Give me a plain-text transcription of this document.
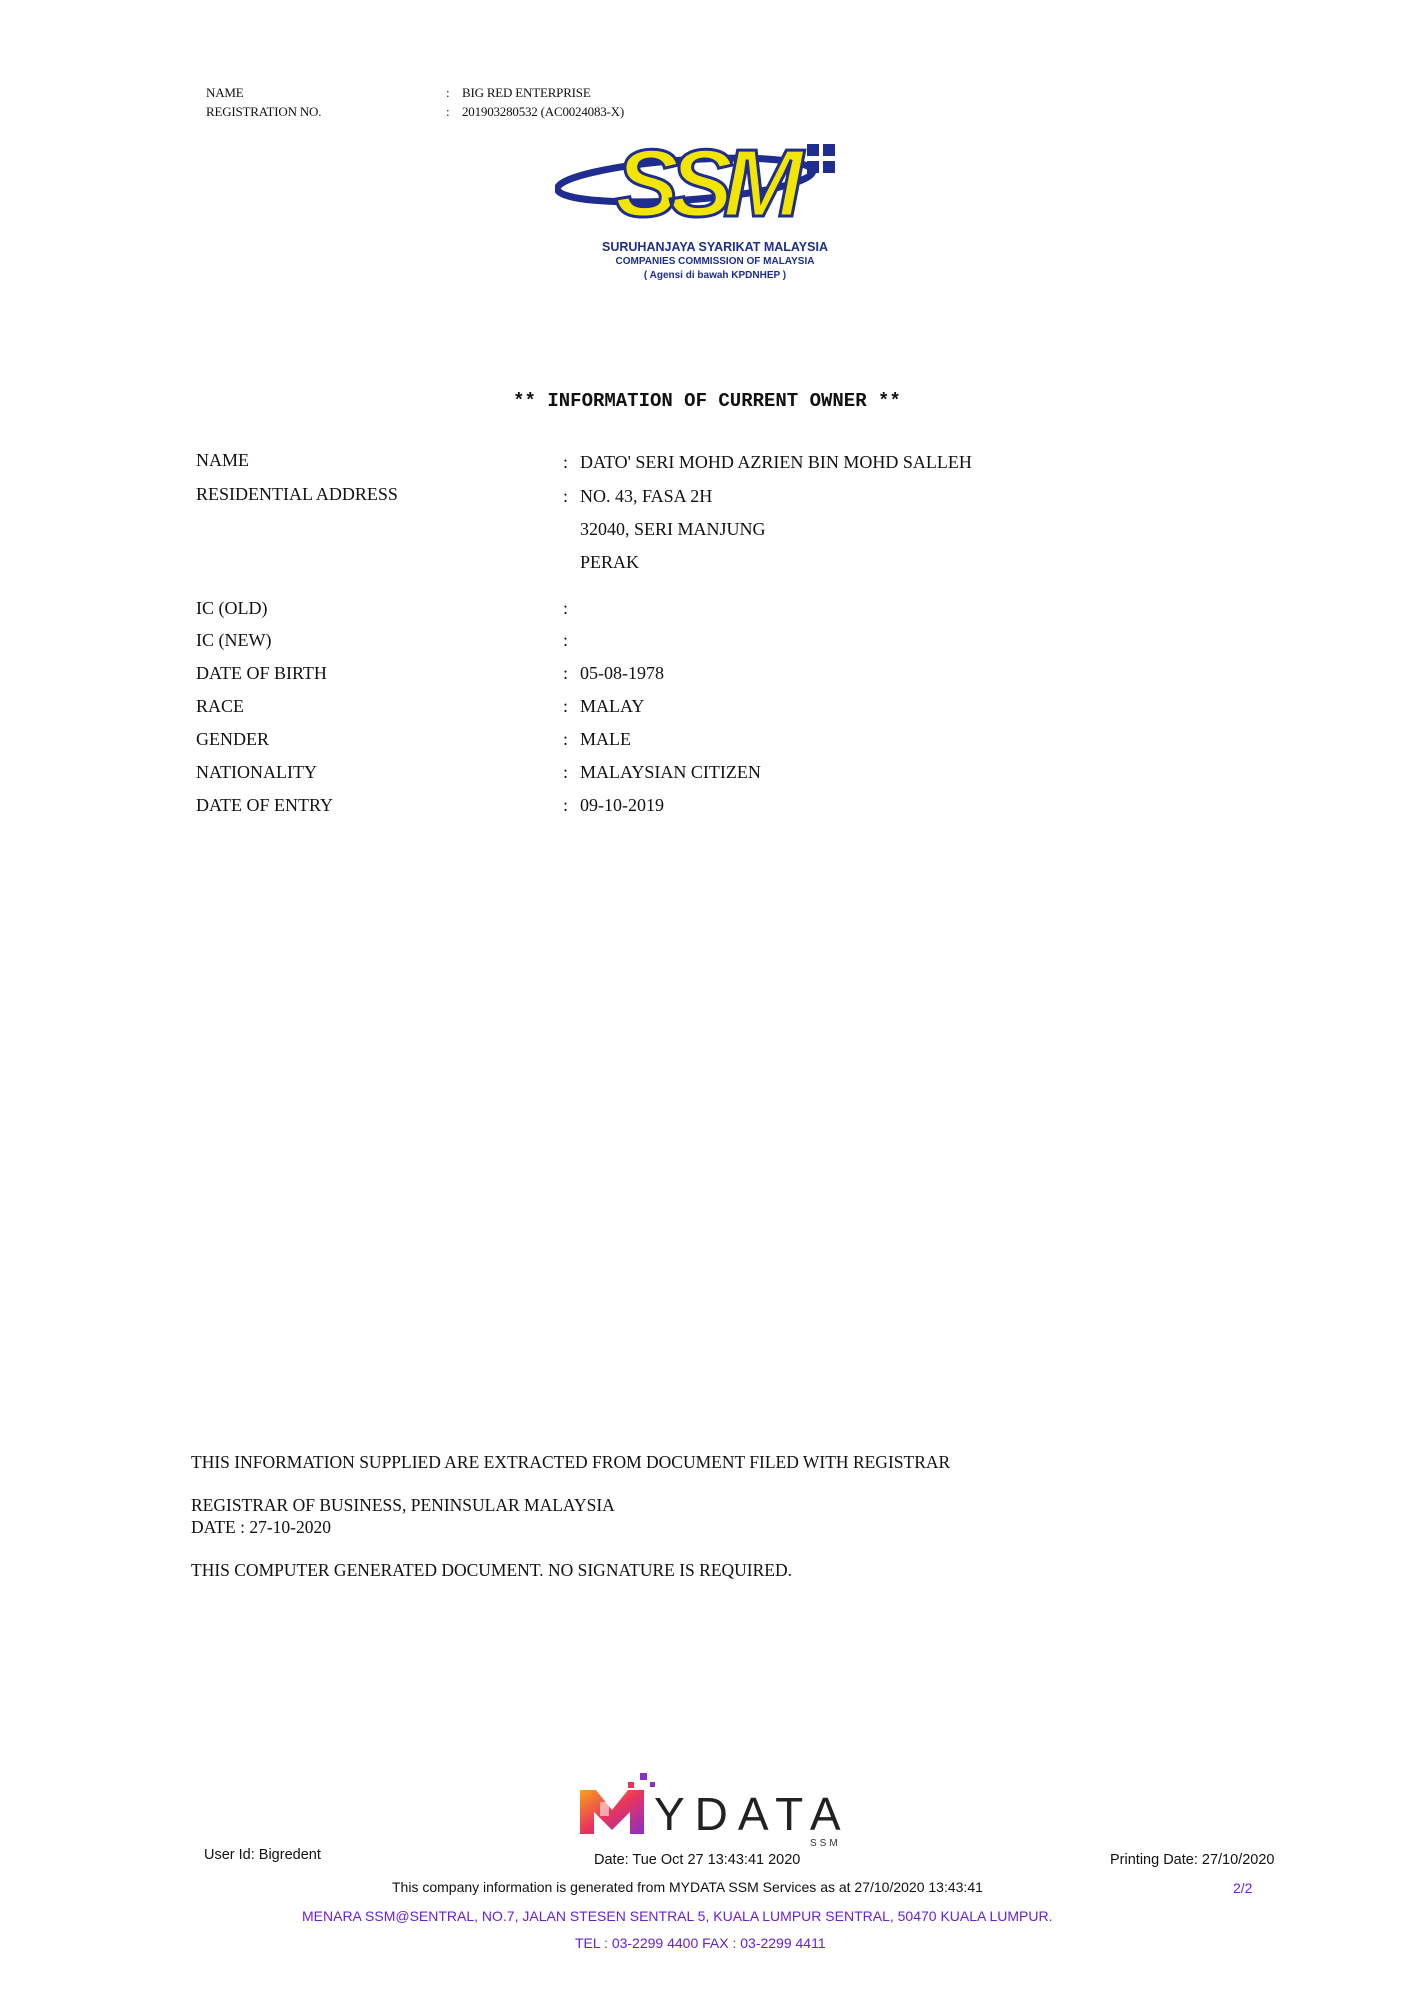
NAME	: BIG RED ENTERPRISE
REGISTRATION NO.	: 201903280532 (AC0024083-X)
SSM
SURUHANJAYA SYARIKAT MALAYSIA
COMPANIES COMMISSION OF MALAYSIA
( Agensi di bawah KPDNHEP )
** INFORMATION OF CURRENT OWNER **
NAME	: DATO' SERI MOHD AZRIEN BIN MOHD SALLEH
RESIDENTIAL ADDRESS	: NO. 43, FASA 2H
32040, SERI MANJUNG
PERAK
IC (OLD)	:
IC (NEW)	:
DATE OF BIRTH	: 05-08-1978
RACE	: MALAY
GENDER	: MALE
NATIONALITY	: MALAYSIAN CITIZEN
DATE OF ENTRY	: 09-10-2019
THIS INFORMATION SUPPLIED ARE EXTRACTED FROM DOCUMENT FILED WITH REGISTRAR
REGISTRAR OF BUSINESS, PENINSULAR MALAYSIA
DATE : 27-10-2020
THIS COMPUTER GENERATED DOCUMENT. NO SIGNATURE IS REQUIRED.
YDATA
SSM
User Id: Bigredent	Date: Tue Oct 27 13:43:41 2020	Printing Date: 27/10/2020
This company information is generated from MYDATA SSM Services as at 27/10/2020 13:43:41	2/2
MENARA SSM@SENTRAL, NO.7, JALAN STESEN SENTRAL 5, KUALA LUMPUR SENTRAL, 50470 KUALA LUMPUR.
TEL : 03-2299 4400 FAX : 03-2299 4411
